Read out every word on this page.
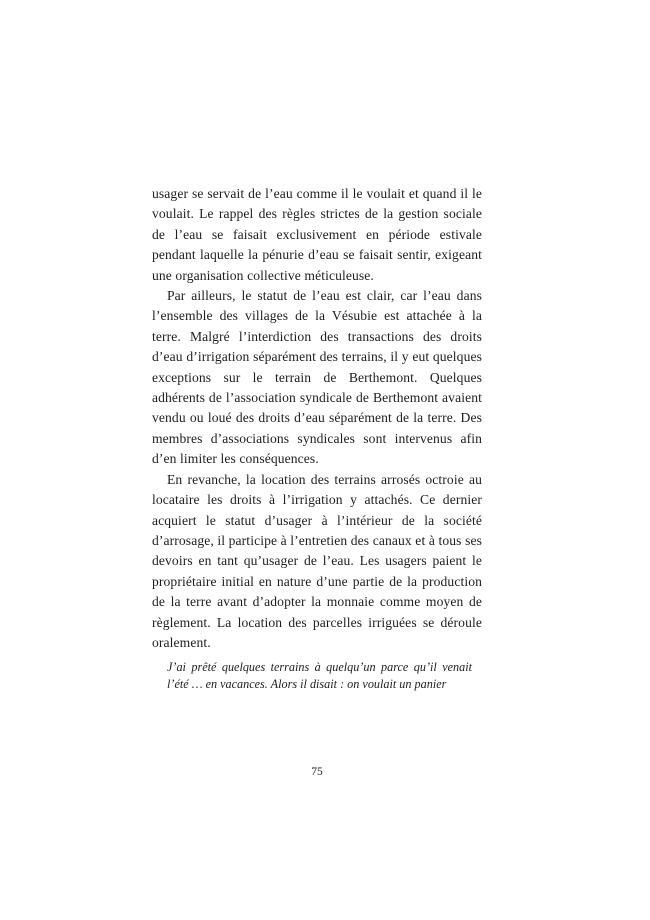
usager se servait de l’eau comme il le voulait et quand il le voulait. Le rappel des règles strictes de la gestion sociale de l’eau se faisait exclusivement en période estivale pendant laquelle la pénurie d’eau se faisait sentir, exigeant une organisation collective méticuleuse.

Par ailleurs, le statut de l’eau est clair, car l’eau dans l’ensemble des villages de la Vésubie est attachée à la terre. Malgré l’interdiction des transactions des droits d’eau d’irrigation séparément des terrains, il y eut quelques exceptions sur le terrain de Berthemont. Quelques adhérents de l’association syndicale de Berthemont avaient vendu ou loué des droits d’eau séparément de la terre. Des membres d’associations syndicales sont intervenus afin d’en limiter les conséquences.

En revanche, la location des terrains arrosés octroie au locataire les droits à l’irrigation y attachés. Ce dernier acquiert le statut d’usager à l’intérieur de la société d’arrosage, il participe à l’entretien des canaux et à tous ses devoirs en tant qu’usager de l’eau. Les usagers paient le propriétaire initial en nature d’une partie de la production de la terre avant d’adopter la monnaie comme moyen de règlement. La location des parcelles irriguées se déroule oralement.

J’ai prêté quelques terrains à quelqu’un parce qu’il venait l’été … en vacances. Alors il disait : on voulait un panier
75
